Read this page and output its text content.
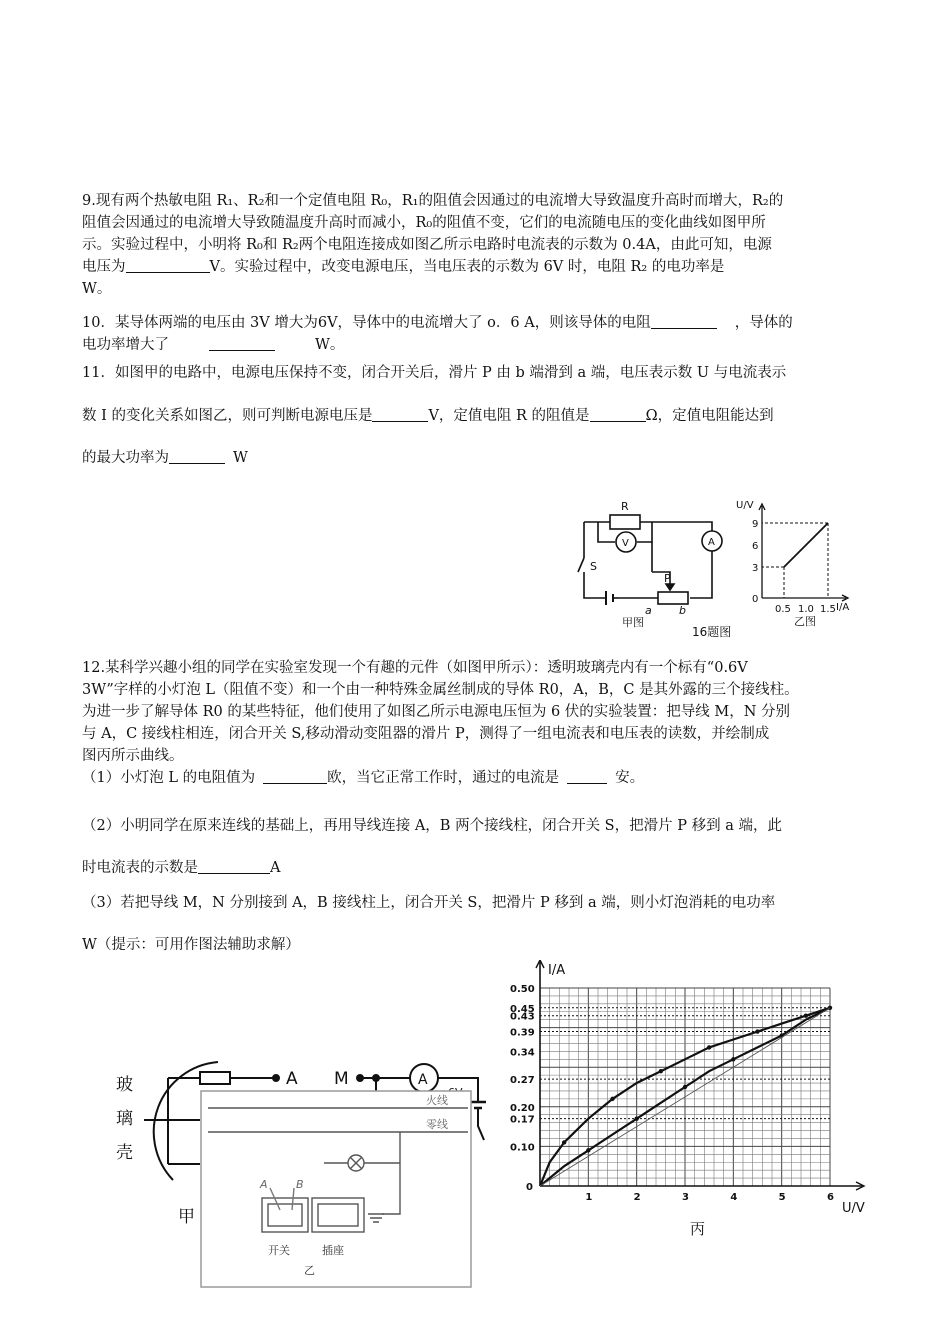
9.现有两个热敏电阻 R₁、R₂和一个定值电阻 R₀，R₁的阻值会因通过的电流增大导致温度升高时而增大，R₂的
阻值会因通过的电流增大导致随温度升高时而减小，R₀的阻值不变，它们的电流随电压的变化曲线如图甲所
示。实验过程中，小明将 R₀和 R₂两个电阻连接成如图乙所示电路时电流表的示数为 0.4A，由此可知，电源
电压为	V。实验过程中，改变电源电压，当电压表的示数为 6V 时，电阻 R₂ 的电功率是
W。
10．某导体两端的电压由 3V 增大为6V，导体中的电流增大了 o．6 A，则该导体的电阻	，导体的
电功率增大了	W。
11．如图甲的电路中，电源电压保持不变，闭合开关后，滑片 P 由 b 端滑到 a 端，电压表示数 U 与电流表示
数 I 的变化关系如图乙，则可判断电源电压是	V，定值电阻 R 的阻值是	Ω，定值电阻能达到
的最大功率为	W
R
V	A
S
P
a b
甲图
16题图
乙图
U/V
I/A
9
6
3
0
0.5 1.0 1.5
12.某科学兴趣小组的同学在实验室发现一个有趣的元件（如图甲所示）：透明玻璃壳内有一个标有“0.6V
3W”字样的小灯泡 L（阻值不变）和一个由一种特殊金属丝制成的导体 R0，A，B，C 是其外露的三个接线柱。
为进一步了解导体 R0 的某些特征，他们使用了如图乙所示电源电压恒为 6 伏的实验装置：把导线 M，N 分别
与 A，C 接线柱相连，闭合开关 S,移动滑动变阻器的滑片 P，测得了一组电流表和电压表的读数，并绘制成
图丙所示曲线。
（1）小灯泡 L 的电阻值为	欧，当它正常工作时，通过的电流是	安。
（2）小明同学在原来连线的基础上，再用导线连接 A，B 两个接线柱，闭合开关 S，把滑片 P 移到 a 端，此
时电流表的示数是	A
（3）若把导线 M，N 分别接到 A，B 接线柱上，闭合开关 S，把滑片 P 移到 a 端，则小灯泡消耗的电功率
W（提示：可用作图法辅助求解）
玻
璃
壳
A M	A
甲
火线
零线
A	B
开关	插座
乙
0.10
0.17
0.20
0.27
0.34
0.39
0.45
0.43
0.50
1	2	3	4	5	6
0
U/V
I/A
丙
